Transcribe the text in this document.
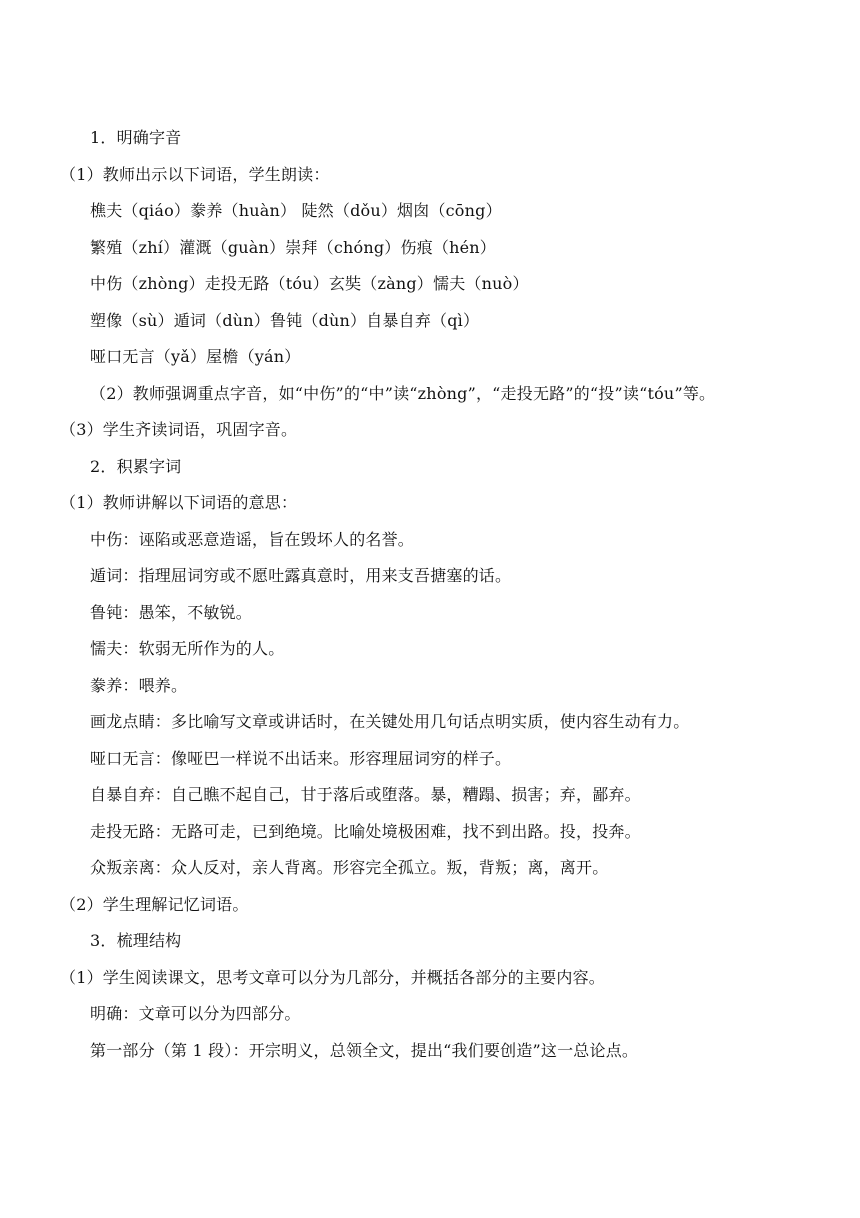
1．明确字音

（1）教师出示以下词语，学生朗读：

樵夫（qiáo）豢养（huàn） 陡然（dǒu）烟囱（cōng）

繁殖（zhí）灌溉（guàn）崇拜（chóng）伤痕（hén）

中伤（zhòng）走投无路（tóu）玄奘（zàng）懦夫（nuò）

塑像（sù）遁词（dùn）鲁钝（dùn）自暴自弃（qì）

哑口无言（yǎ）屋檐（yán）

（2）教师强调重点字音，如“中伤”的“中”读“zhòng”，“走投无路”的“投”读“tóu”等。

（3）学生齐读词语，巩固字音。

2．积累字词

（1）教师讲解以下词语的意思：

中伤：诬陷或恶意造谣，旨在毁坏人的名誉。

遁词：指理屈词穷或不愿吐露真意时，用来支吾搪塞的话。

鲁钝：愚笨，不敏锐。

懦夫：软弱无所作为的人。

豢养：喂养。

画龙点睛：多比喻写文章或讲话时，在关键处用几句话点明实质，使内容生动有力。

哑口无言：像哑巴一样说不出话来。形容理屈词穷的样子。

自暴自弃：自己瞧不起自己，甘于落后或堕落。暴，糟蹋、损害；弃，鄙弃。

走投无路：无路可走，已到绝境。比喻处境极困难，找不到出路。投，投奔。

众叛亲离：众人反对，亲人背离。形容完全孤立。叛，背叛；离，离开。

（2）学生理解记忆词语。

3．梳理结构

（1）学生阅读课文，思考文章可以分为几部分，并概括各部分的主要内容。

明确：文章可以分为四部分。

第一部分（第 1 段）：开宗明义，总领全文，提出“我们要创造”这一总论点。
